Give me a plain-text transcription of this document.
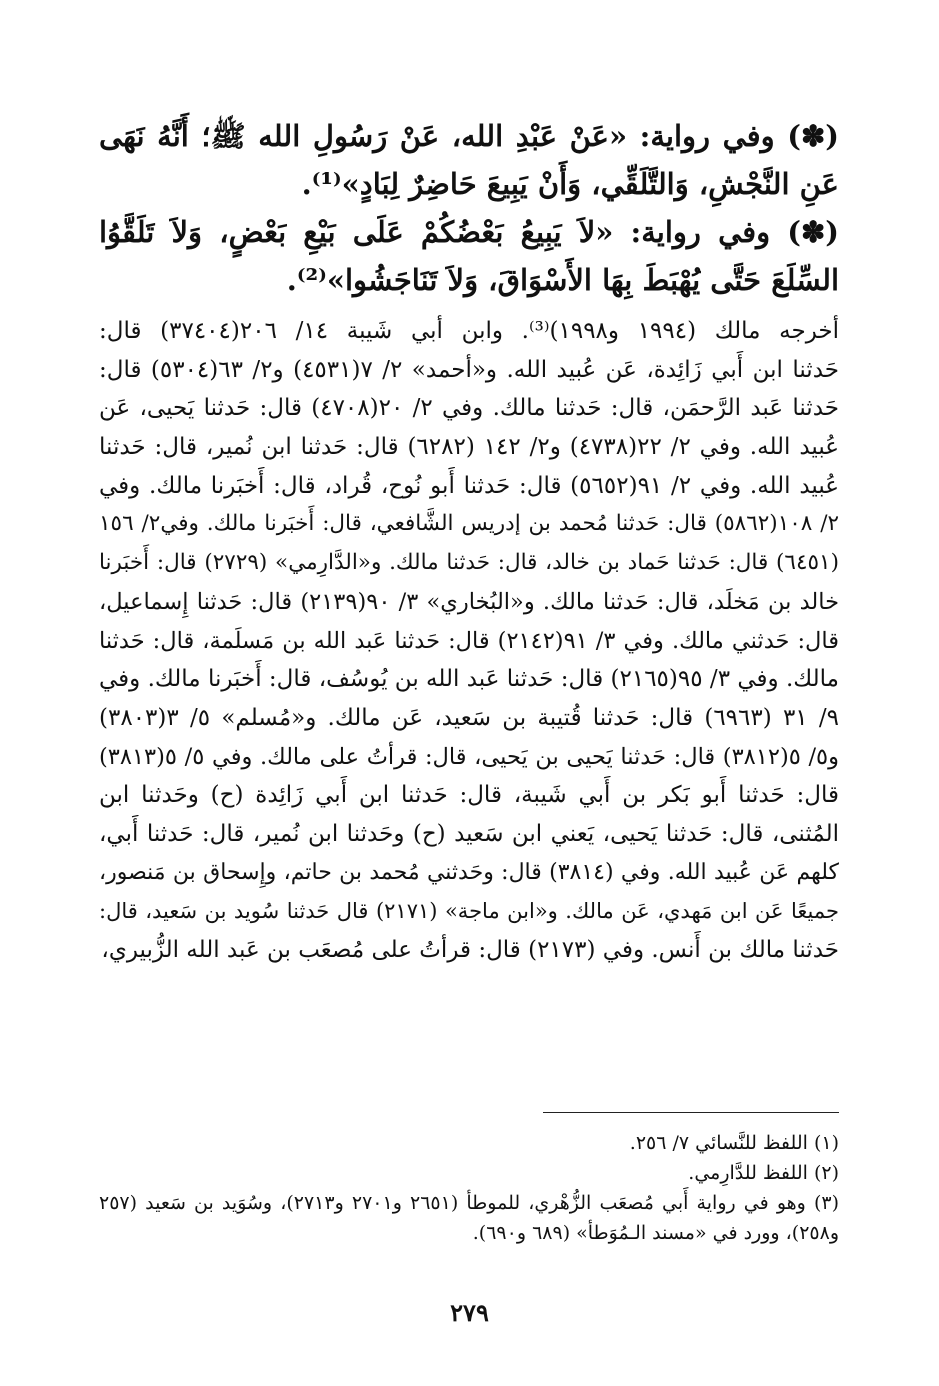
(✽) وفي رواية: «عَنْ عَبْدِ الله، عَنْ رَسُولِ الله ﷺ؛ أَنَّهُ نَهَى عَنِ النَّجْشِ، وَالتَّلَقِّي، وَأَنْ يَبِيعَ حَاضِرٌ لِبَادٍ»⁽¹⁾.

(✽) وفي رواية: «لاَ يَبِيعُ بَعْضُكُمْ عَلَى بَيْعِ بَعْضٍ، وَلاَ تَلَقَّوُا السِّلَعَ حَتَّى يُهْبَطَ بِهَا الأَسْوَاقَ، وَلاَ تَنَاجَشُوا»⁽²⁾.

أخرجه مالك (١٩٩٤ و١٩٩٨)⁽³⁾. وابن أبي شَيبة ١٤/ ٢٠٦(٣٧٤٠٤) قال:
حَدثنا ابن أَبي زَائِدة، عَن عُبيد الله. و«أحمد» ٢/ ٧(٤٥٣١) و٢/ ٦٣(٥٣٠٤) قال:
حَدثنا عَبد الرَّحمَن، قال: حَدثنا مالك. وفي ٢/ ٢٠(٤٧٠٨) قال: حَدثنا يَحيى، عَن
عُبيد الله. وفي ٢/ ٢٢(٤٧٣٨) و٢/ ١٤٢ (٦٢٨٢) قال: حَدثنا ابن نُمير، قال: حَدثنا
عُبيد الله. وفي ٢/ ٩١(٥٦٥٢) قال: حَدثنا أَبو نُوح، قُراد، قال: أَخبَرنا مالك. وفي
٢/ ١٠٨(٥٨٦٢) قال: حَدثنا مُحمد بن إدريس الشَّافعي، قال: أَخبَرنا مالك. وفي٢/ ١٥٦
(٦٤٥١) قال: حَدثنا حَماد بن خالد، قال: حَدثنا مالك. و«الدَّارِمي» (٢٧٢٩) قال: أَخبَرنا
خالد بن مَخلَد، قال: حَدثنا مالك. و«البُخاري» ٣/ ٩٠(٢١٣٩) قال: حَدثنا إِسماعيل،
قال: حَدثني مالك. وفي ٣/ ٩١(٢١٤٢) قال: حَدثنا عَبد الله بن مَسلَمة، قال: حَدثنا
مالك. وفي ٣/ ٩٥(٢١٦٥) قال: حَدثنا عَبد الله بن يُوسُف، قال: أَخبَرنا مالك. وفي
٩/ ٣١ (٦٩٦٣) قال: حَدثنا قُتيبة بن سَعيد، عَن مالك. و«مُسلم» ٥/ ٣(٣٨٠٣)
و٥/ ٥(٣٨١٢) قال: حَدثنا يَحيى بن يَحيى، قال: قرأتُ على مالك. وفي ٥/ ٥(٣٨١٣)
قال: حَدثنا أَبو بَكر بن أَبي شَيبة، قال: حَدثنا ابن أَبي زَائِدة (ح) وحَدثنا ابن
المُثنى، قال: حَدثنا يَحيى، يَعني ابن سَعيد (ح) وحَدثنا ابن نُمير، قال: حَدثنا أَبي،
كلهم عَن عُبيد الله. وفي (٣٨١٤) قال: وحَدثني مُحمد بن حاتم، وإِسحاق بن مَنصور،
جميعًا عَن ابن مَهدي، عَن مالك. و«ابن ماجة» (٢١٧١) قال حَدثنا سُويد بن سَعيد، قال:
حَدثنا مالك بن أَنس. وفي (٢١٧٣) قال: قرأتُ على مُصعَب بن عَبد الله الزُّبيري،
(١) اللفظ للنَّسائي ٧/ ٢٥٦.
(٢) اللفظ للدَّارِمي.
(٣) وهو في رواية أَبي مُصعَب الزُّهْري، للموطأ (٢٦٥١ و٢٧٠١ و٢٧١٣)، وسُوَيد بن سَعيد (٢٥٧ و٢٥٨)، وورد في «مسند الـمُوَطأ» (٦٨٩ و٦٩٠).
٢٧٩
